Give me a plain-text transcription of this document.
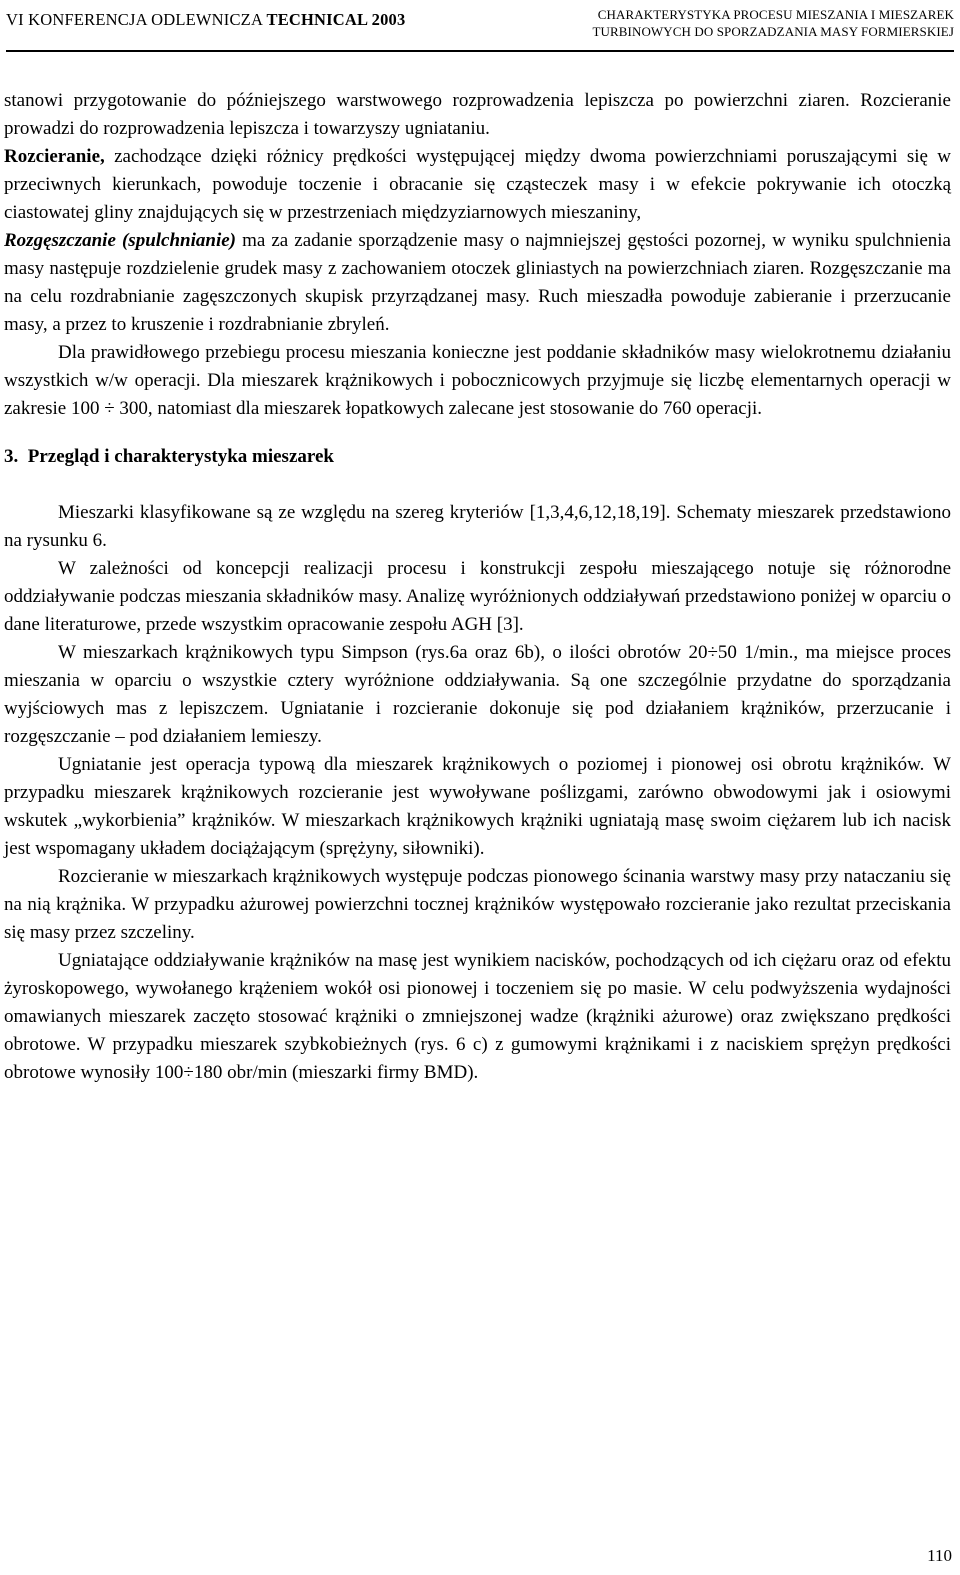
VI KONFERENCJA ODLEWNICZA TECHNICAL 2003	CHARAKTERYSTYKA PROCESU MIESZANIA I MIESZAREK
TURBINOWYCH DO SPORZADZANIA MASY FORMIERSKIEJ

stanowi przygotowanie do późniejszego warstwowego rozprowadzenia lepiszcza po powierzchni ziaren. Rozcieranie prowadzi do rozprowadzenia lepiszcza i towarzyszy ugniataniu.

Rozcieranie, zachodzące dzięki różnicy prędkości występującej między dwoma powierzchniami poruszającymi się w przeciwnych kierunkach, powoduje toczenie i obracanie się cząsteczek masy i w efekcie pokrywanie ich otoczką ciastowatej gliny znajdujących się w przestrzeniach międzyziarnowych mieszaniny,

Rozgęszczanie (spulchnianie) ma za zadanie sporządzenie masy o najmniejszej gęstości pozornej, w wyniku spulchnienia masy następuje rozdzielenie grudek masy z zachowaniem otoczek gliniastych na powierzchniach ziaren. Rozgęszczanie ma na celu rozdrabnianie zagęszczonych skupisk przyrządzanej masy. Ruch mieszadła powoduje zabieranie i przerzucanie masy, a przez to kruszenie i rozdrabnianie zbryleń.

Dla prawidłowego przebiegu procesu mieszania konieczne jest poddanie składników masy wielokrotnemu działaniu wszystkich w/w operacji. Dla mieszarek krążnikowych i pobocznicowych przyjmuje się liczbę elementarnych operacji w zakresie 100 ÷ 300, natomiast dla mieszarek łopatkowych zalecane jest stosowanie do 760 operacji.

3.  Przegląd i charakterystyka mieszarek

Mieszarki klasyfikowane są ze względu na szereg kryteriów [1,3,4,6,12,18,19]. Schematy mieszarek przedstawiono na rysunku 6.

W zależności od koncepcji realizacji procesu i konstrukcji zespołu mieszającego notuje się różnorodne oddziaływanie podczas mieszania składników masy. Analizę wyróżnionych oddziaływań przedstawiono poniżej w oparciu o dane literaturowe, przede wszystkim opracowanie zespołu AGH [3].

W mieszarkach krążnikowych typu Simpson (rys.6a oraz 6b), o ilości obrotów 20÷50 1/min., ma miejsce proces mieszania w oparciu o wszystkie cztery wyróżnione oddziaływania. Są one szczególnie przydatne do sporządzania wyjściowych mas z lepiszczem. Ugniatanie i rozcieranie dokonuje się pod działaniem krążników, przerzucanie i rozgęszczanie – pod działaniem lemieszy.

Ugniatanie jest operacja typową dla mieszarek krążnikowych o poziomej i pionowej osi obrotu krążników. W przypadku mieszarek krążnikowych rozcieranie jest wywoływane poślizgami, zarówno obwodowymi jak i osiowymi wskutek „wykorbienia” krążników. W mieszarkach krążnikowych krążniki ugniatają masę swoim ciężarem lub ich nacisk jest wspomagany układem dociążającym (sprężyny, siłowniki).

Rozcieranie w mieszarkach krążnikowych występuje podczas pionowego ścinania warstwy masy przy nataczaniu się na nią krążnika. W przypadku ażurowej powierzchni tocznej krążników występowało rozcieranie jako rezultat przeciskania się masy przez szczeliny.

Ugniatające oddziaływanie krążników na masę jest wynikiem nacisków, pochodzących od ich ciężaru oraz od efektu żyroskopowego, wywołanego krążeniem wokół osi pionowej i toczeniem się po masie. W celu podwyższenia wydajności omawianych mieszarek zaczęto stosować krążniki o zmniejszonej wadze (krążniki ażurowe) oraz zwiększano prędkości obrotowe. W przypadku mieszarek szybkobieżnych (rys. 6 c) z gumowymi krążnikami i z naciskiem sprężyn prędkości obrotowe wynosiły 100÷180 obr/min (mieszarki firmy BMD).

110
